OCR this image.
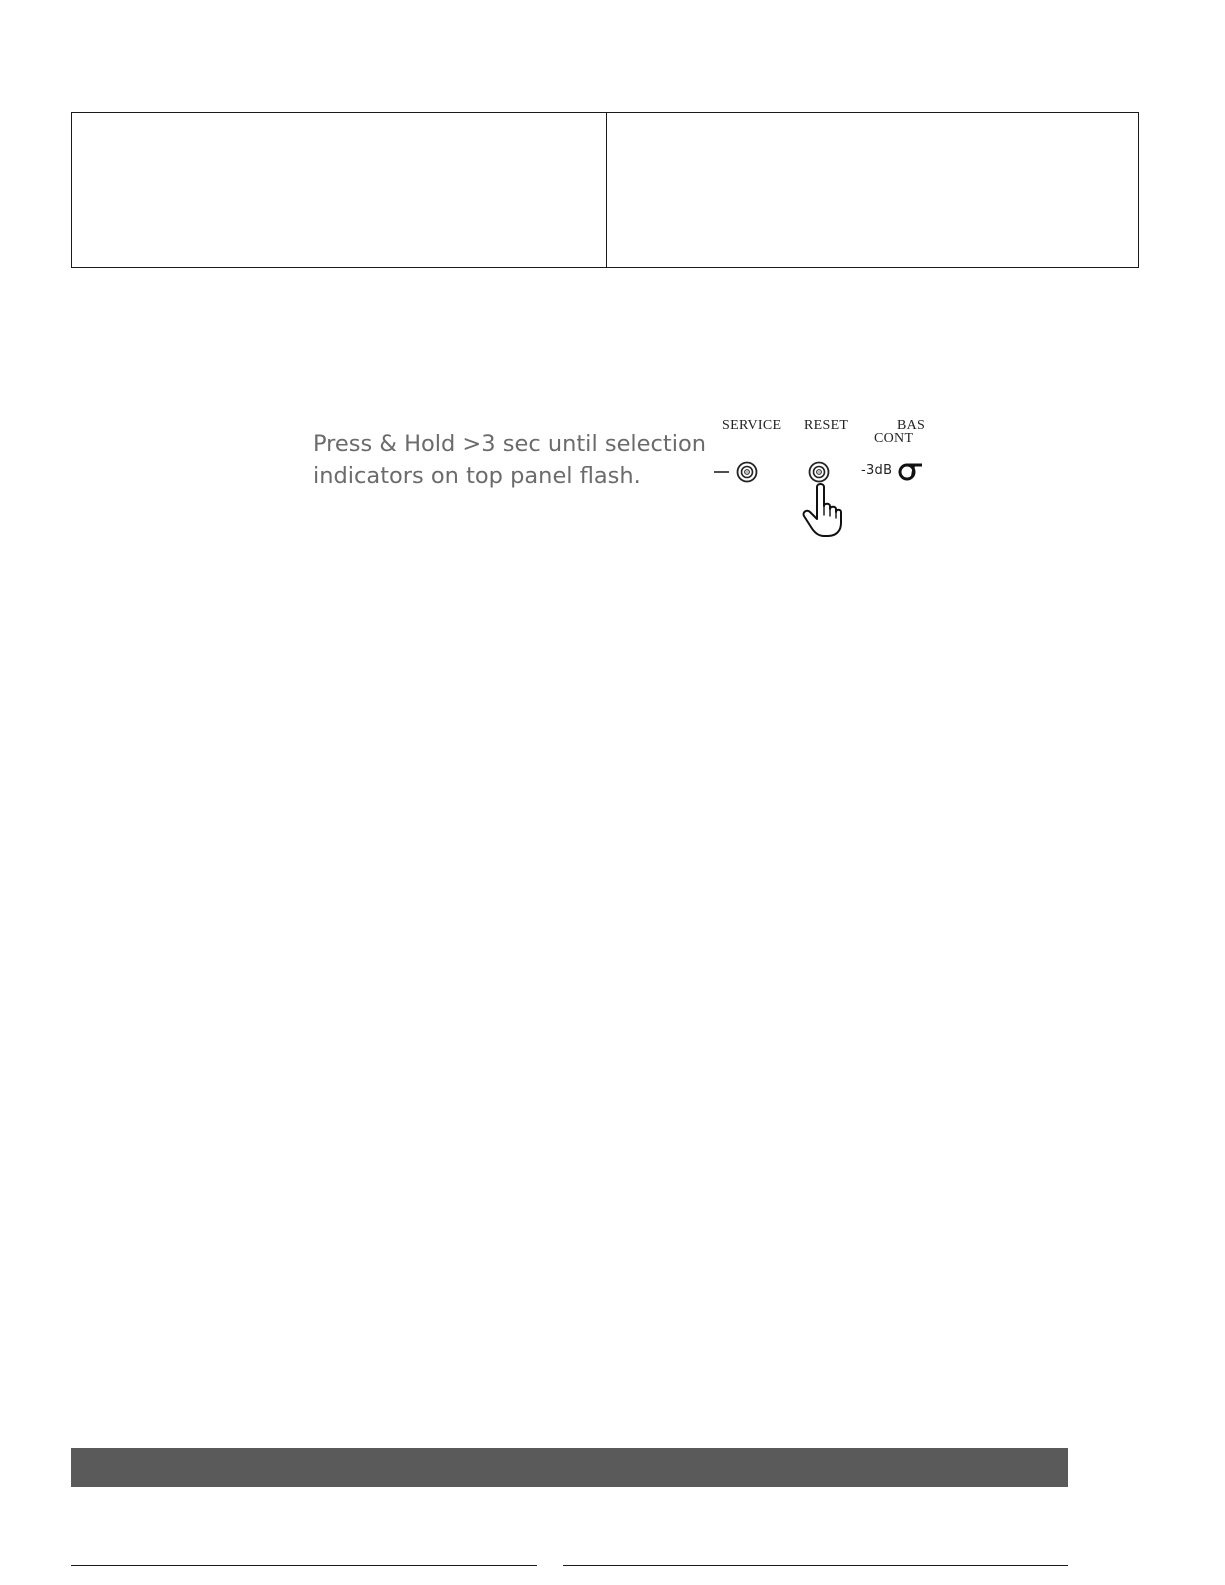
Press & Hold >3 sec until selection
indicators on top panel flash.
SERVICE RESET	BAS
CONT
-3dB
